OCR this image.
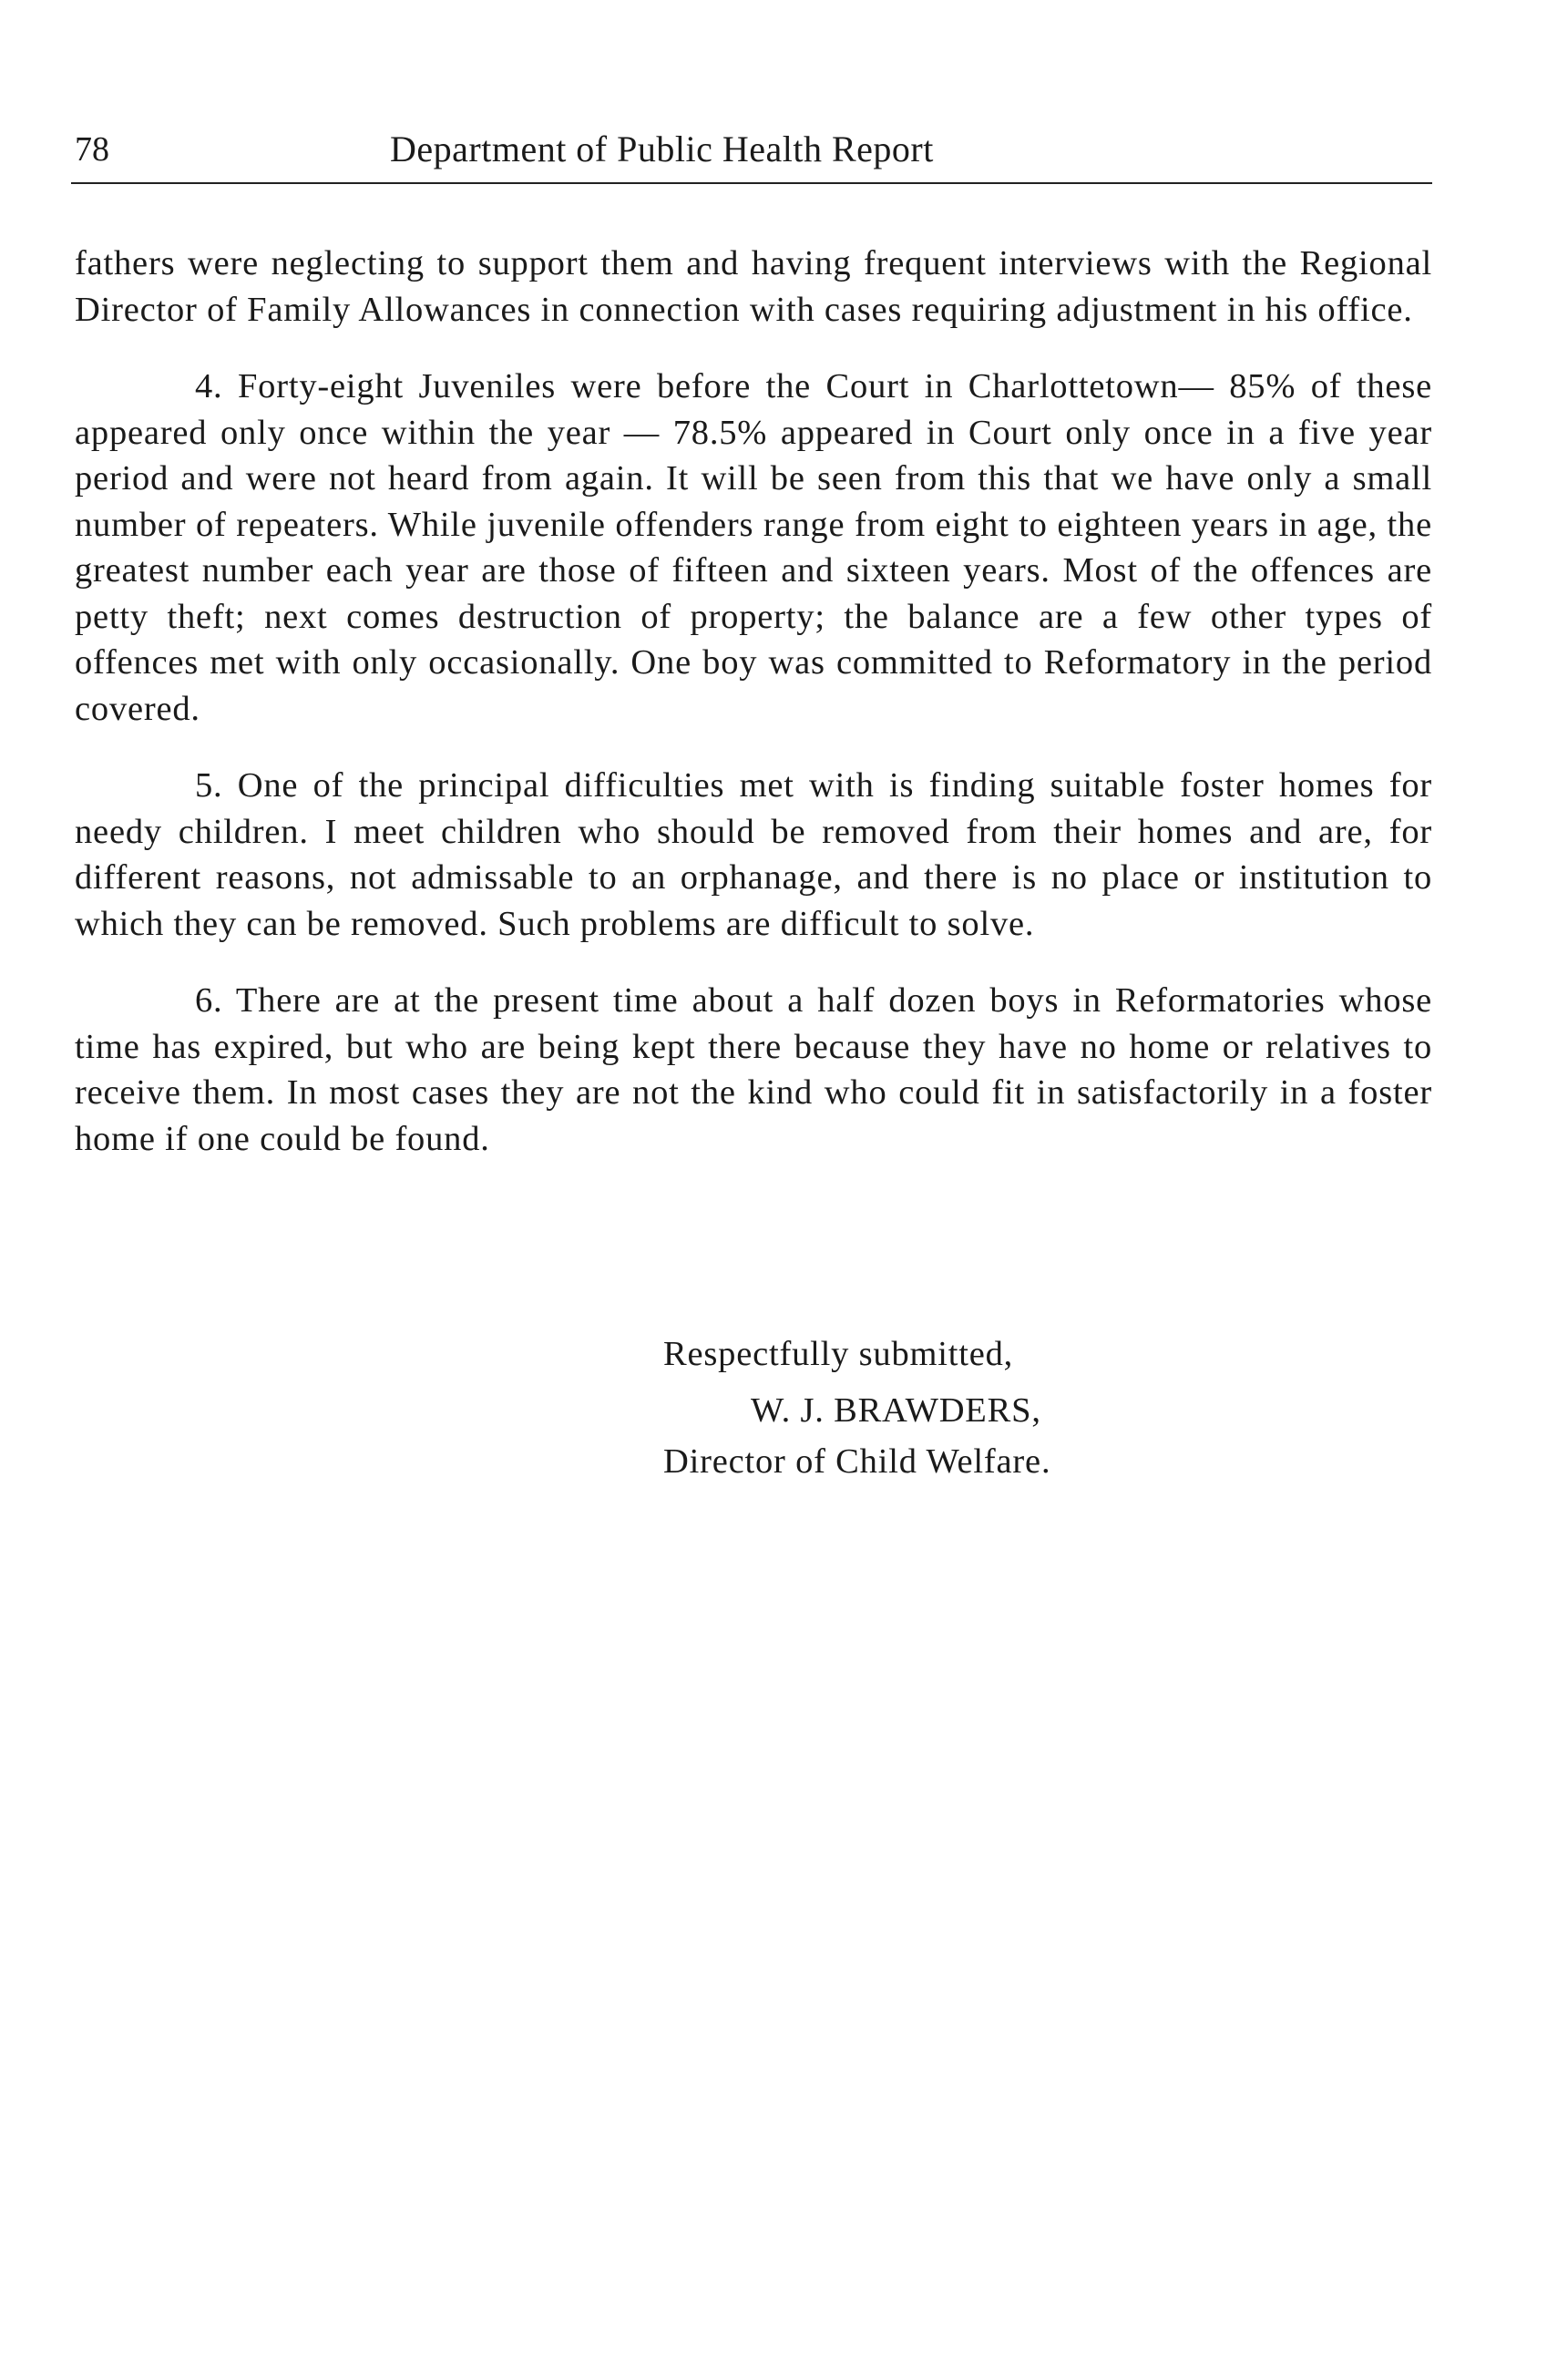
78	Department of Public Health Report

fathers were neglecting to support them and having frequent interviews with the Regional Director of Family Allowances in connection with cases requiring adjustment in his office.

4. Forty-eight Juveniles were before the Court in Charlottetown— 85% of these appeared only once within the year — 78.5% appeared in Court only once in a five year period and were not heard from again. It will be seen from this that we have only a small number of repeaters. While juvenile offenders range from eight to eighteen years in age, the greatest number each year are those of fifteen and sixteen years. Most of the offences are petty theft; next comes destruction of property; the balance are a few other types of offences met with only occasionally. One boy was committed to Reformatory in the period covered.

5. One of the principal difficulties met with is finding suitable foster homes for needy children. I meet children who should be removed from their homes and are, for different reasons, not admissable to an orphanage, and there is no place or institution to which they can be removed. Such problems are difficult to solve.

6. There are at the present time about a half dozen boys in Reformatories whose time has expired, but who are being kept there because they have no home or relatives to receive them. In most cases they are not the kind who could fit in satisfactorily in a foster home if one could be found.

Respectfully submitted,
W. J. BRAWDERS,
Director of Child Welfare.
